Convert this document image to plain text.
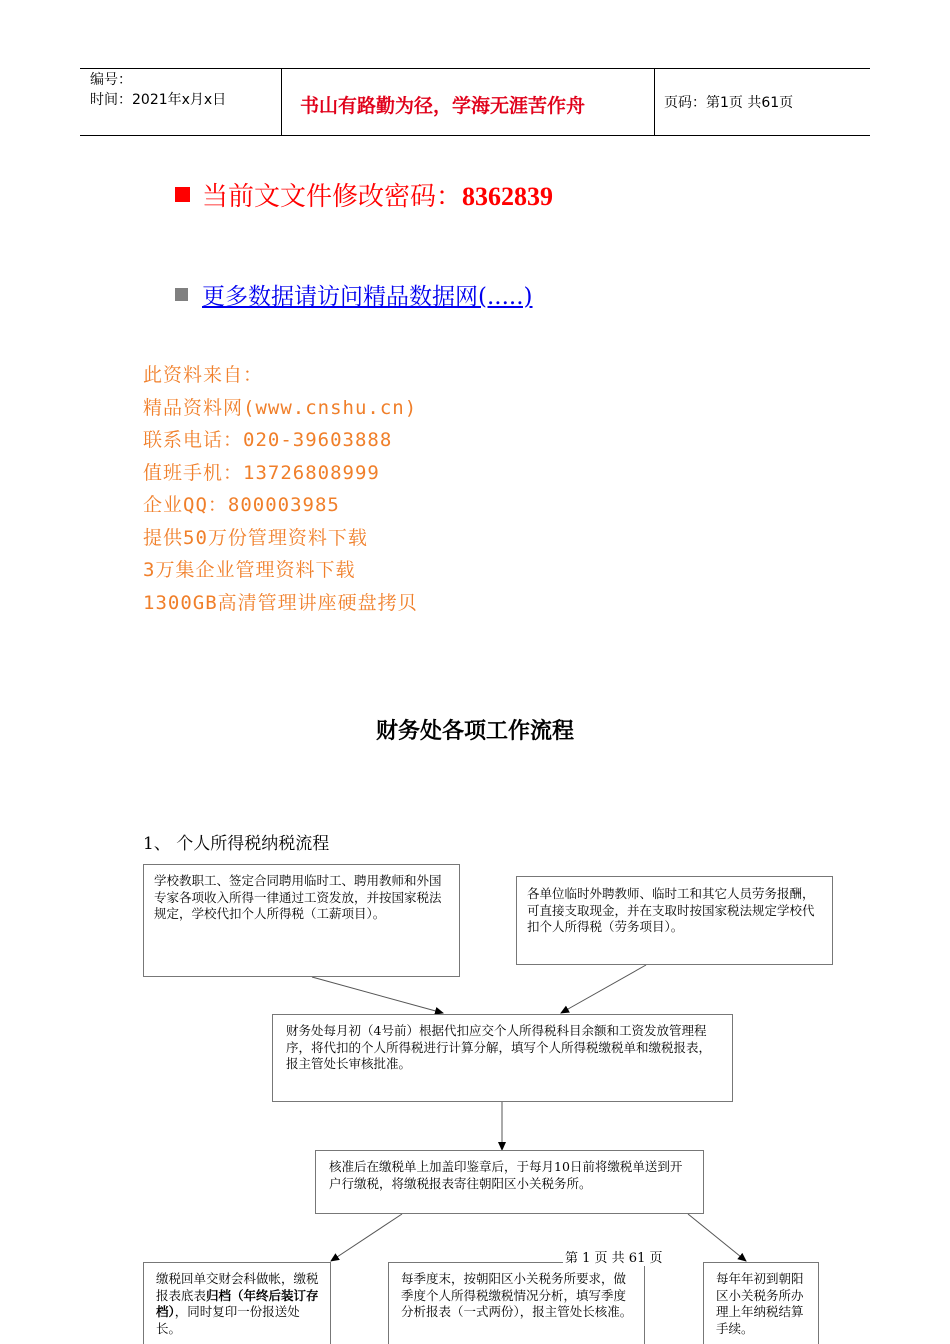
编号：
时间：2021年x月x日	书山有路勤为径，学海无涯苦作舟	页码：第1页 共61页
当前文文件修改密码：8362839
更多数据请访问精品数据网(.....)
此资料来自：
精品资料网(www.cnshu.cn)
联系电话：020-39603888
值班手机：13726808999
企业QQ：800003985
提供50万份管理资料下载
3万集企业管理资料下载
1300GB高清管理讲座硬盘拷贝
财务处各项工作流程
1、 个人所得税纳税流程
学校教职工、签定合同聘用临时工、聘用教师和外国专家各项收入所得一律通过工资发放，并按国家税法规定，学校代扣个人所得税（工薪项目）。
各单位临时外聘教师、临时工和其它人员劳务报酬，可直接支取现金，并在支取时按国家税法规定学校代扣个人所得税（劳务项目）。
财务处每月初（4号前）根据代扣应交个人所得税科目余额和工资发放管理程序，将代扣的个人所得税进行计算分解，填写个人所得税缴税单和缴税报表，报主管处长审核批准。
核准后在缴税单上加盖印鉴章后，于每月10日前将缴税单送到开户行缴税，将缴税报表寄往朝阳区小关税务所。
缴税回单交财会科做帐，缴税报表底表归档（年终后装订存档），同时复印一份报送处长。
每季度末，按朝阳区小关税务所要求，做季度个人所得税缴税情况分析，填写季度分析报表（一式两份），报主管处长核准。
每年年初到朝阳区小关税务所办理上年纳税结算手续。
第 1 页 共 61 页
